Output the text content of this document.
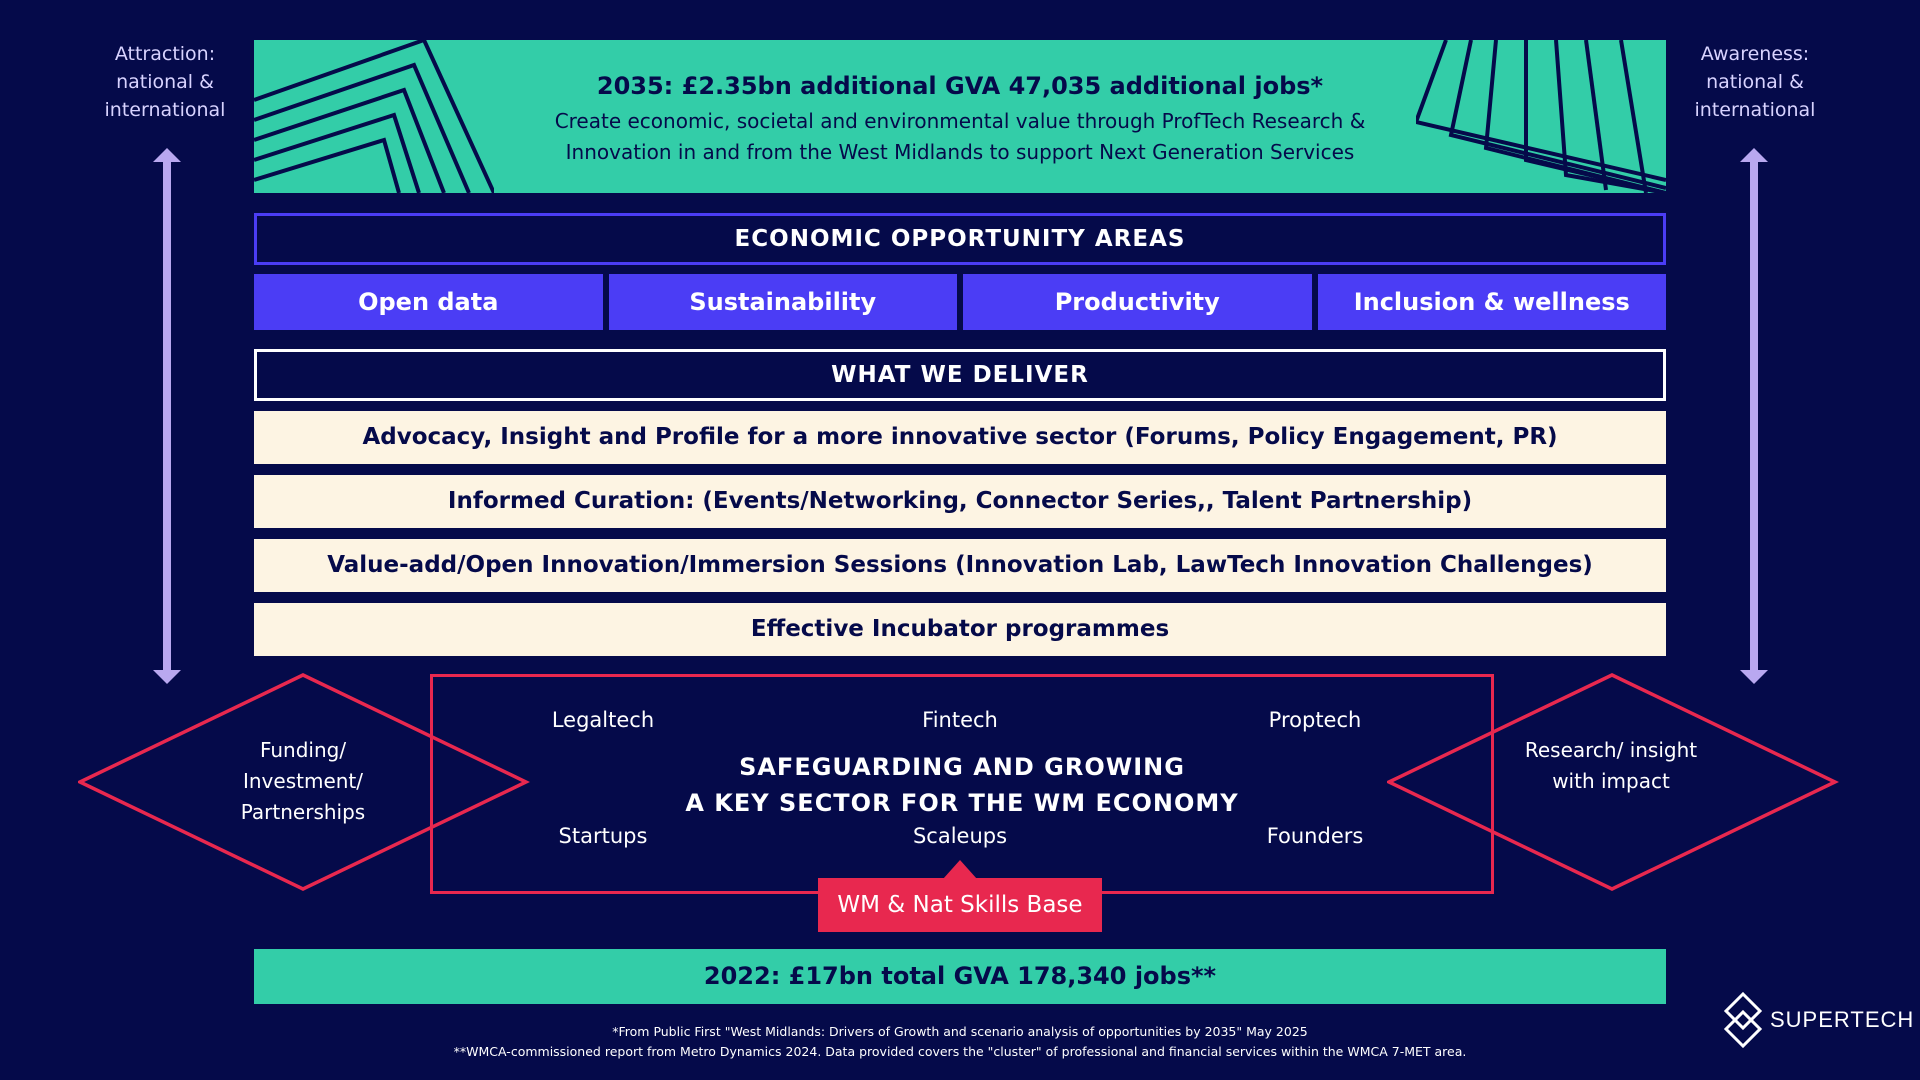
Attraction: national & international
Awareness: national & international
2035: £2.35bn additional GVA 47,035 additional jobs*
Create economic, societal and environmental value through ProfTech Research & Innovation in and from the West Midlands to support Next Generation Services
ECONOMIC OPPORTUNITY AREAS
Open data	Sustainability	Productivity	Inclusion & wellness
WHAT WE DELIVER
Advocacy, Insight and Profile for a more innovative sector (Forums, Policy Engagement, PR)
Informed Curation: (Events/Networking, Connector Series,, Talent Partnership)
Value-add/Open Innovation/Immersion Sessions (Innovation Lab, LawTech Innovation Challenges)
Effective Incubator programmes
Funding/ Investment/ Partnerships
Research/ insight with impact
Legaltech	Fintech	Proptech
SAFEGUARDING AND GROWING
A KEY SECTOR FOR THE WM ECONOMY
Startups	Scaleups	Founders
WM & Nat Skills Base
2022: £17bn total GVA 178,340 jobs**
*From Public First "West Midlands: Drivers of Growth and scenario analysis of opportunities by 2035" May 2025
**WMCA-commissioned report from Metro Dynamics 2024. Data provided covers the "cluster" of professional and financial services within the WMCA 7-MET area.
SUPERTECH
